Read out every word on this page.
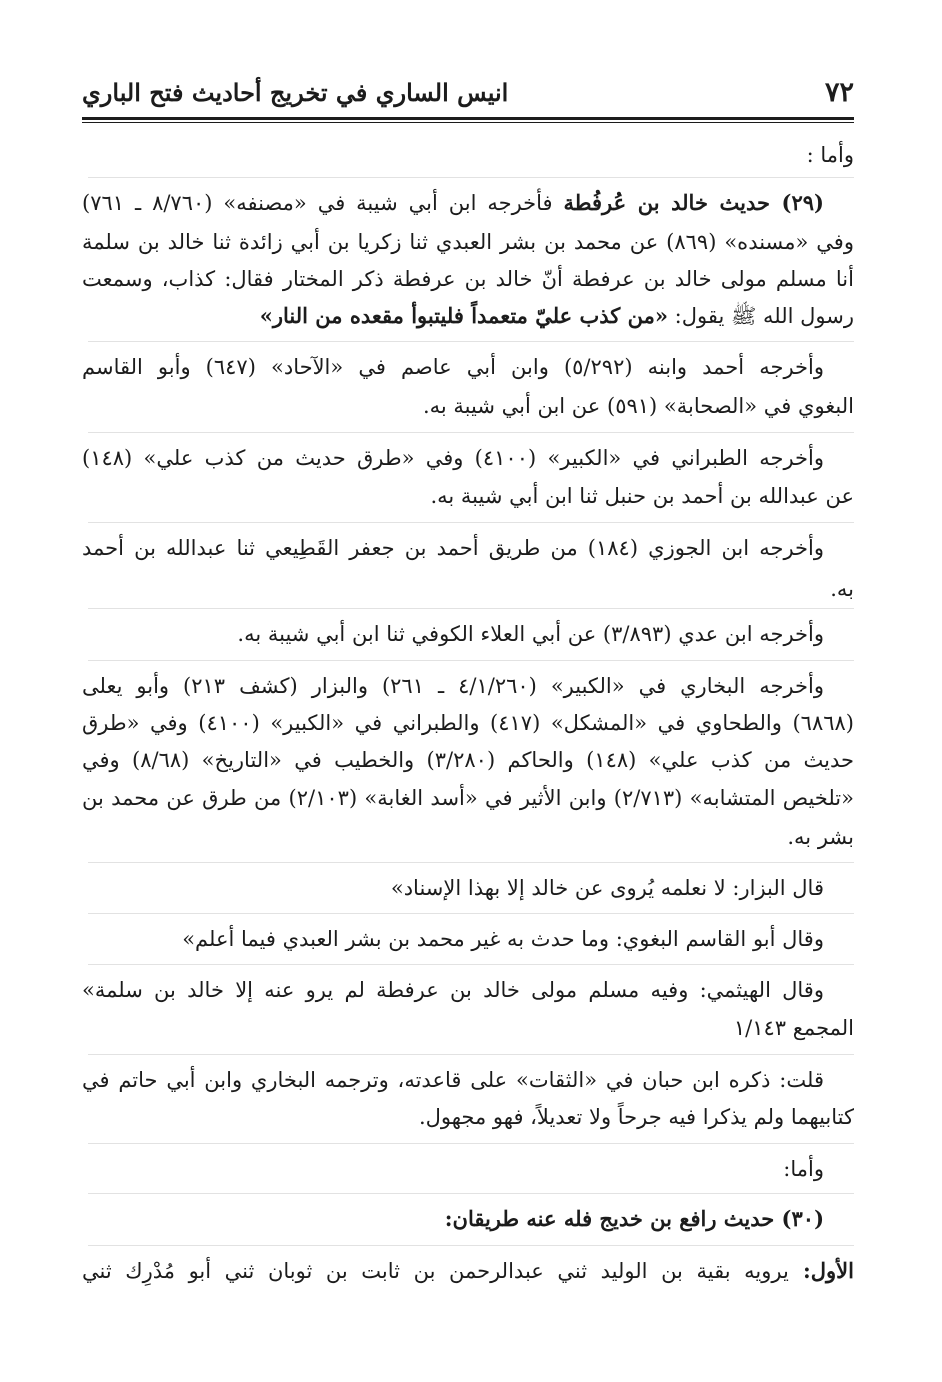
٧٢
انيس الساري في تخريج أحاديث فتح الباري
وأما :
(٢٩) حديث خالد بن عُرفُطة فأخرجه ابن أبي شيبة في «مصنفه» (٨/٧٦٠ ـ ٧٦١)
وفي «مسنده» (٨٦٩) عن محمد بن بشر العبدي ثنا زكريا بن أبي زائدة ثنا خالد بن سلمة
أنا مسلم مولى خالد بن عرفطة أنّ خالد بن عرفطة ذكر المختار فقال: كذاب، وسمعت
رسول الله ﷺ يقول: «من كذب عليّ متعمداً فليتبوأ مقعده من النار»
وأخرجه أحمد وابنه (٥/٢٩٢) وابن أبي عاصم في «الآحاد» (٦٤٧) وأبو القاسم
البغوي في «الصحابة» (٥٩١) عن ابن أبي شيبة به.
وأخرجه الطبراني في «الكبير» (٤١٠٠) وفي «طرق حديث من كذب علي» (١٤٨)
عن عبدالله بن أحمد بن حنبل ثنا ابن أبي شيبة به.
وأخرجه ابن الجوزي (١٨٤) من طريق أحمد بن جعفر القَطِيعي ثنا عبدالله بن أحمد
به.
وأخرجه ابن عدي (٣/٨٩٣) عن أبي العلاء الكوفي ثنا ابن أبي شيبة به.
وأخرجه البخاري في «الكبير» (٤/١/٢٦٠ ـ ٢٦١) والبزار (كشف ٢١٣) وأبو يعلى
(٦٨٦٨) والطحاوي في «المشكل» (٤١٧) والطبراني في «الكبير» (٤١٠٠) وفي «طرق
حديث من كذب علي» (١٤٨) والحاكم (٣/٢٨٠) والخطيب في «التاريخ» (٨/٦٨) وفي
«تلخيص المتشابه» (٢/٧١٣) وابن الأثير في «أسد الغابة» (٢/١٠٣) من طرق عن محمد بن
بشر به.
قال البزار: لا نعلمه يُروى عن خالد إلا بهذا الإسناد»
وقال أبو القاسم البغوي: وما حدث به غير محمد بن بشر العبدي فيما أعلم»
وقال الهيثمي: وفيه مسلم مولى خالد بن عرفطة لم يرو عنه إلا خالد بن سلمة»
المجمع ١/١٤٣
قلت: ذكره ابن حبان في «الثقات» على قاعدته، وترجمه البخاري وابن أبي حاتم في
كتابيهما ولم يذكرا فيه جرحاً ولا تعديلاً، فهو مجهول.
وأما:
(٣٠) حديث رافع بن خديج فله عنه طريقان:
الأول: يرويه بقية بن الوليد ثني عبدالرحمن بن ثابت بن ثوبان ثني أبو مُدْرِك ثني
